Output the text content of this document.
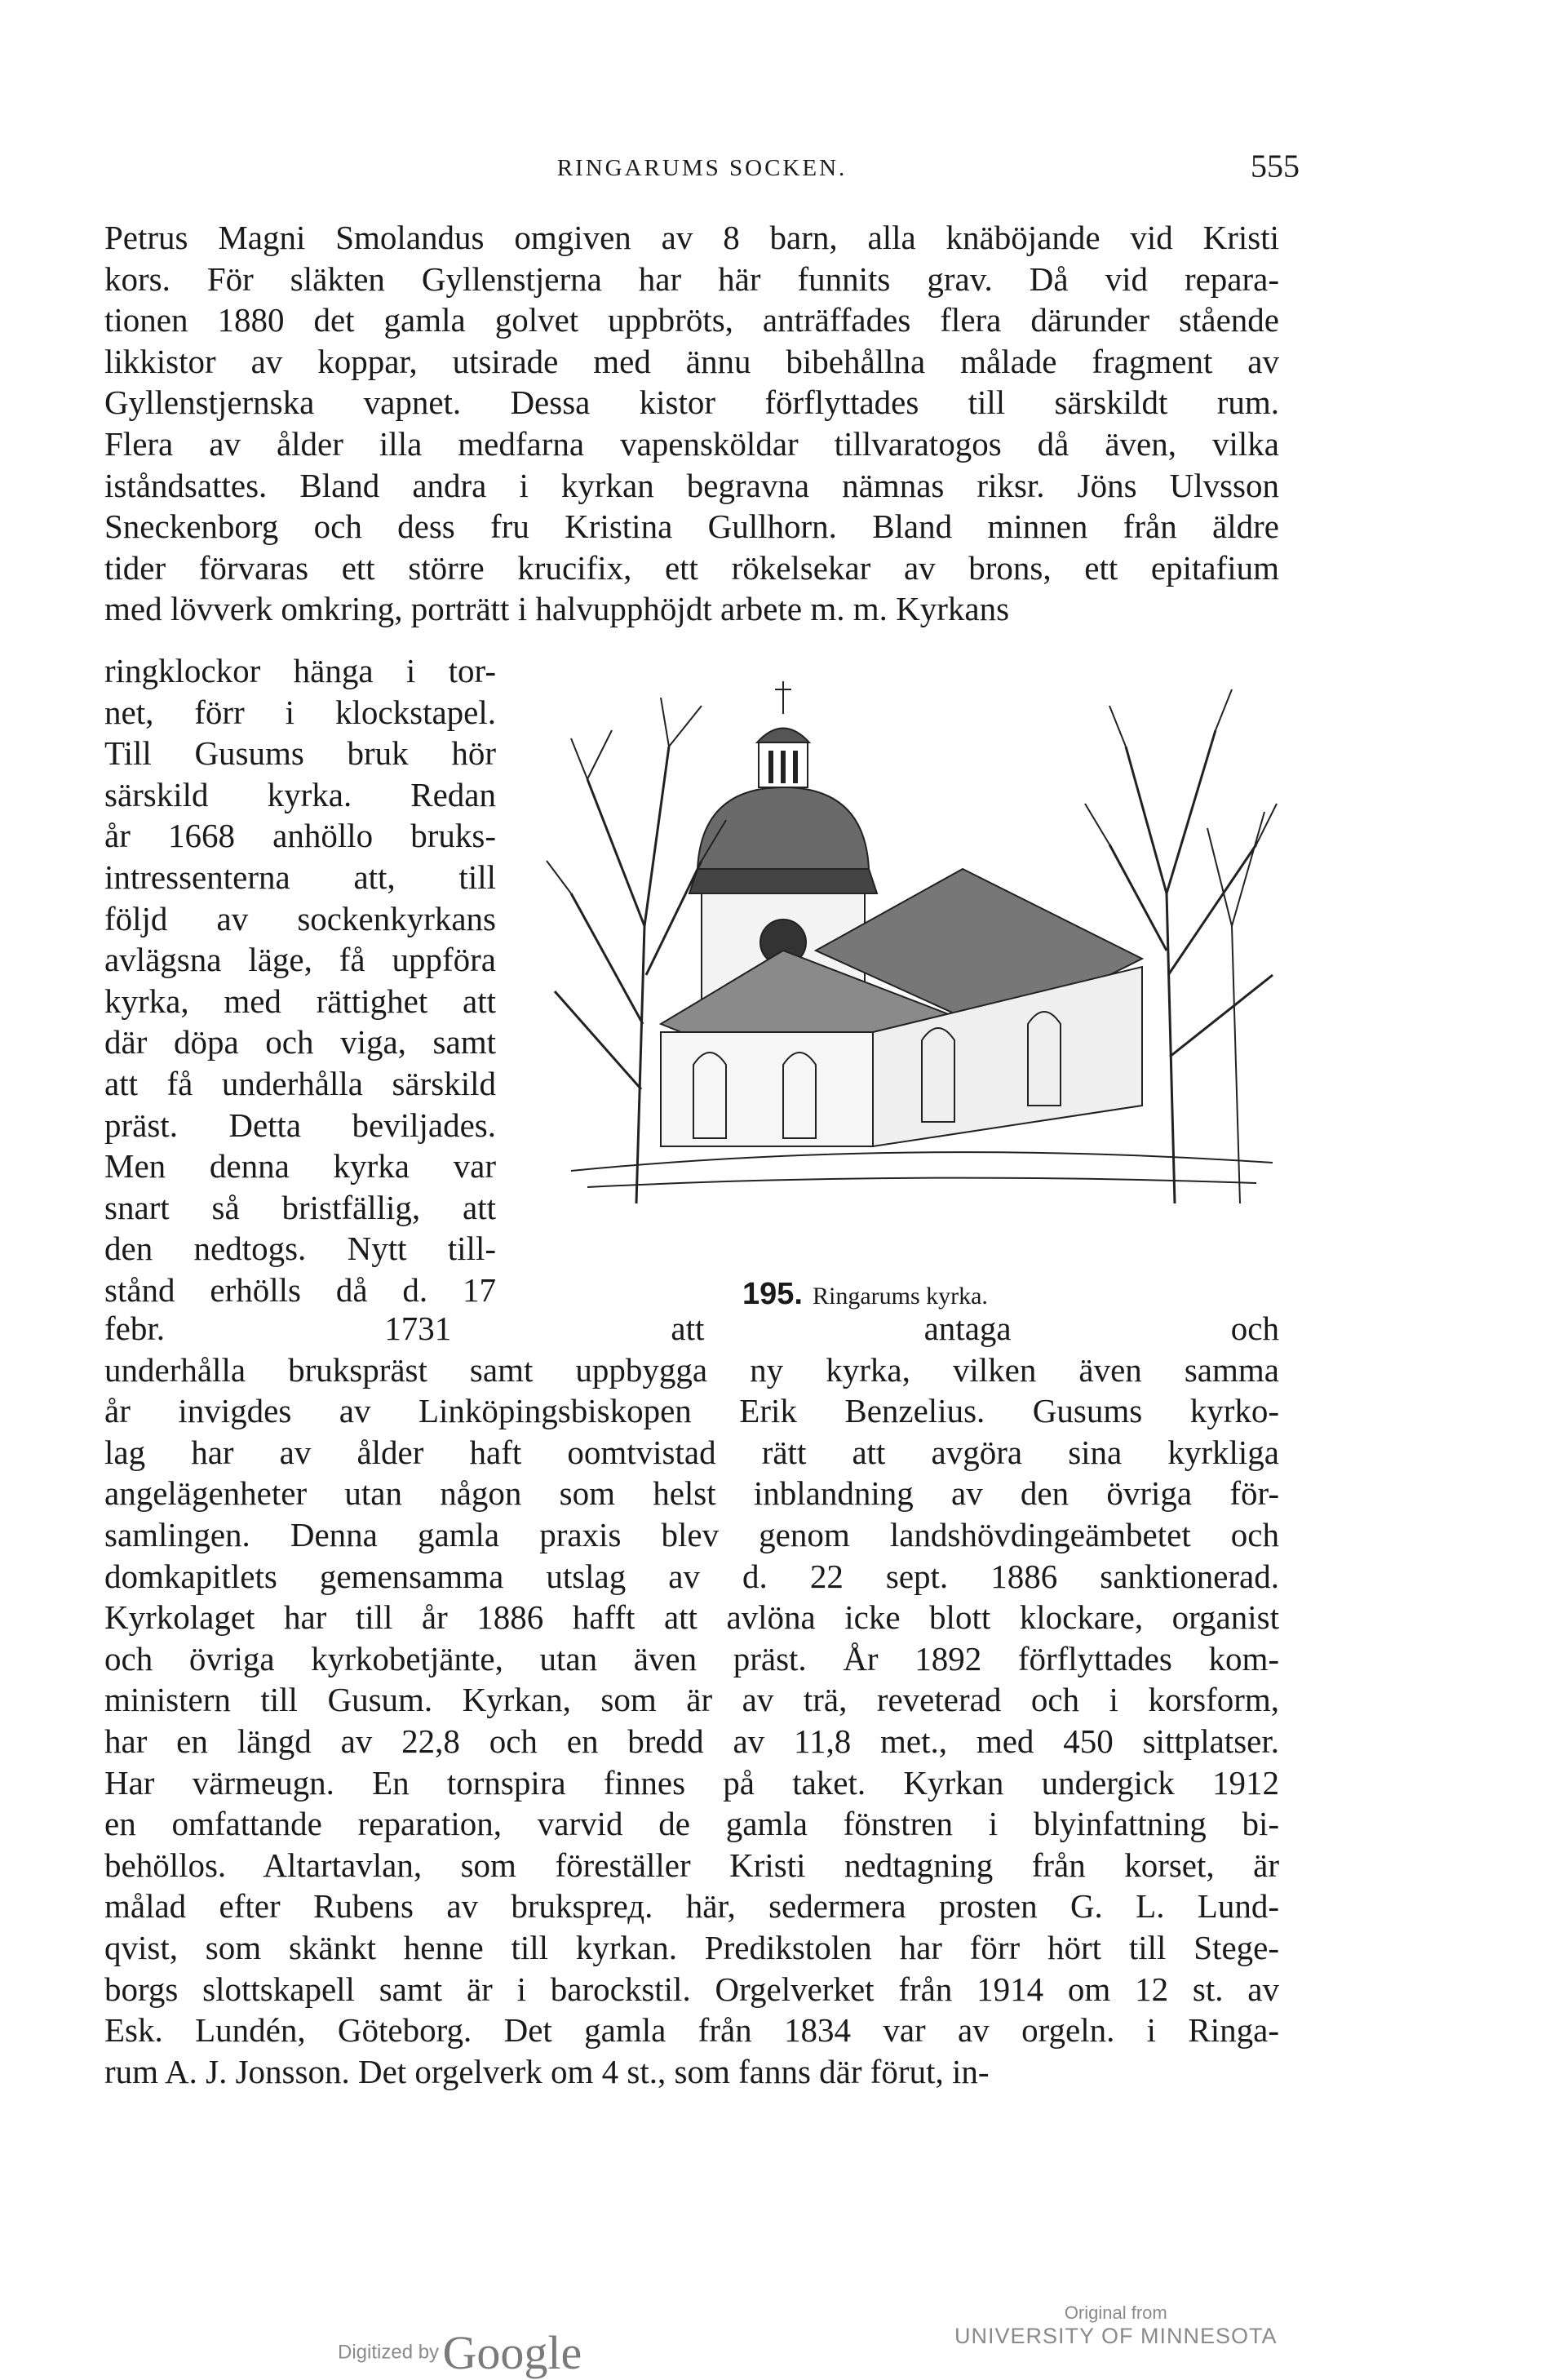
RINGARUMS SOCKEN.	555
Petrus Magni Smolandus omgiven av 8 barn, alla knäböjande vid Kristi
kors. För släkten Gyllenstjerna har här funnits grav. Då vid repara-
tionen 1880 det gamla golvet uppbröts, anträffades flera därunder stående
likkistor av koppar, utsirade med ännu bibehållna målade fragment av
Gyllenstjernska vapnet. Dessa kistor förflyttades till särskildt rum.
Flera av ålder illa medfarna vapensköldar tillvaratogos då även, vilka
iståndsattes. Bland andra i kyrkan begravna nämnas riksr. Jöns Ulvsson
Sneckenborg och dess fru Kristina Gullhorn. Bland minnen från äldre
tider förvaras ett större krucifix, ett rökelsekar av brons, ett epitafium
med lövverk omkring, porträtt i halvupphöjdt arbete m. m. Kyrkans
ringklockor hänga i tor-
net, förr i klockstapel.
Till Gusums bruk hör
särskild kyrka. Redan
år 1668 anhöllo bruks-
intressenterna att, till
följd av sockenkyrkans
avlägsna läge, få uppföra
kyrka, med rättighet att
där döpa och viga, samt
att få underhålla särskild
präst. Detta beviljades.
Men denna kyrka var
snart så bristfällig, att
den nedtogs. Nytt till-
stånd erhölls då d. 17	195. Ringarums kyrka.
febr. 1731 att antaga och
underhålla brukspräst samt uppbygga ny kyrka, vilken även samma
år invigdes av Linköpingsbiskopen Erik Benzelius. Gusums kyrko-
lag har av ålder haft oomtvistad rätt att avgöra sina kyrkliga
angelägenheter utan någon som helst inblandning av den övriga för-
samlingen. Denna gamla praxis blev genom landshövdingeämbetet och
domkapitlets gemensamma utslag av d. 22 sept. 1886 sanktionerad.
Kyrkolaget har till år 1886 hafft att avlöna icke blott klockare, organist
och övriga kyrkobetjänte, utan även präst. År 1892 förflyttades kom-
ministern till Gusum. Kyrkan, som är av trä, reveterad och i korsform,
har en längd av 22,8 och en bredd av 11,8 met., med 450 sittplatser.
Har värmeugn. En tornspira finnes på taket. Kyrkan undergick 1912
en omfattande reparation, varvid de gamla fönstren i blyinfattning bi-
behöllos. Altartavlan, som föreställer Kristi nedtagning från korset, är
målad efter Rubens av bruksprед. här, sedermera prosten G. L. Lund-
qvist, som skänkt henne till kyrkan. Predikstolen har förr hört till Stege-
borgs slottskapell samt är i barockstil. Orgelverket från 1914 om 12 st. av
Esk. Lundén, Göteborg. Det gamla från 1834 var av orgeln. i Ringa-
rum A. J. Jonsson. Det orgelverk om 4 st., som fanns där förut, in-
Digitized by Google
Original from
UNIVERSITY OF MINNESOTA
